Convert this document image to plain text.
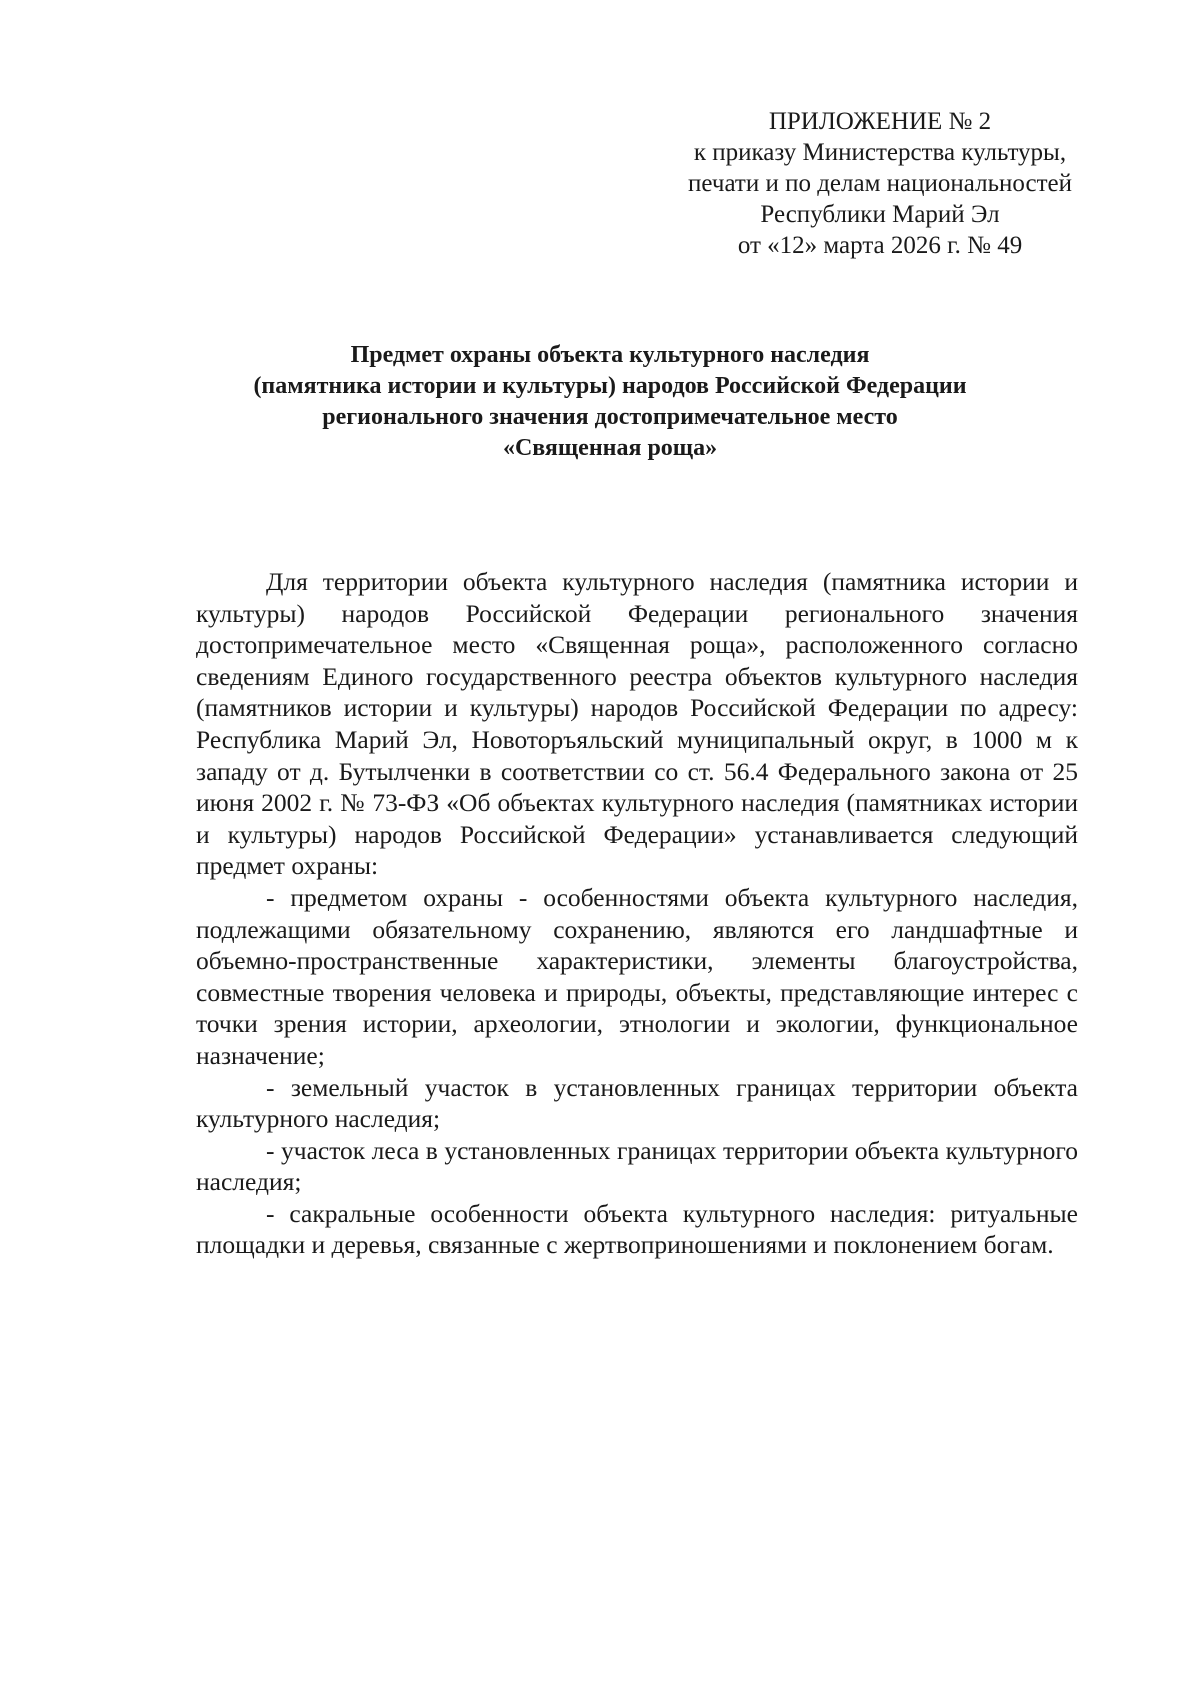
ПРИЛОЖЕНИЕ № 2
к приказу Министерства культуры,
печати и по делам национальностей
Республики Марий Эл
от «12» марта 2026 г. № 49
Предмет охраны объекта культурного наследия
(памятника истории и культуры) народов Российской Федерации
регионального значения достопримечательное место
«Священная роща»

Для территории объекта культурного наследия (памятника истории и культуры) народов Российской Федерации регионального значения достопримечательное место «Священная роща», расположенного согласно сведениям Единого государственного реестра объектов культурного наследия (памятников истории и культуры) народов Российской Федерации по адресу: Республика Марий Эл, Новоторъяльский муниципальный округ, в 1000 м к западу от д. Бутылченки в соответствии со ст. 56.4 Федерального закона от 25 июня 2002 г. № 73-ФЗ «Об объектах культурного наследия (памятниках истории и культуры) народов Российской Федерации» устанавливается следующий предмет охраны:

- предметом охраны - особенностями объекта культурного наследия, подлежащими обязательному сохранению, являются его ландшафтные и объемно-пространственные характеристики, элементы благоустройства, совместные творения человека и природы, объекты, представляющие интерес с точки зрения истории, археологии, этнологии и экологии, функциональное назначение;

- земельный участок в установленных границах территории объекта культурного наследия;

- участок леса в установленных границах территории объекта культурного наследия;

- сакральные особенности объекта культурного наследия: ритуальные площадки и деревья, связанные с жертвоприношениями и поклонением богам.
